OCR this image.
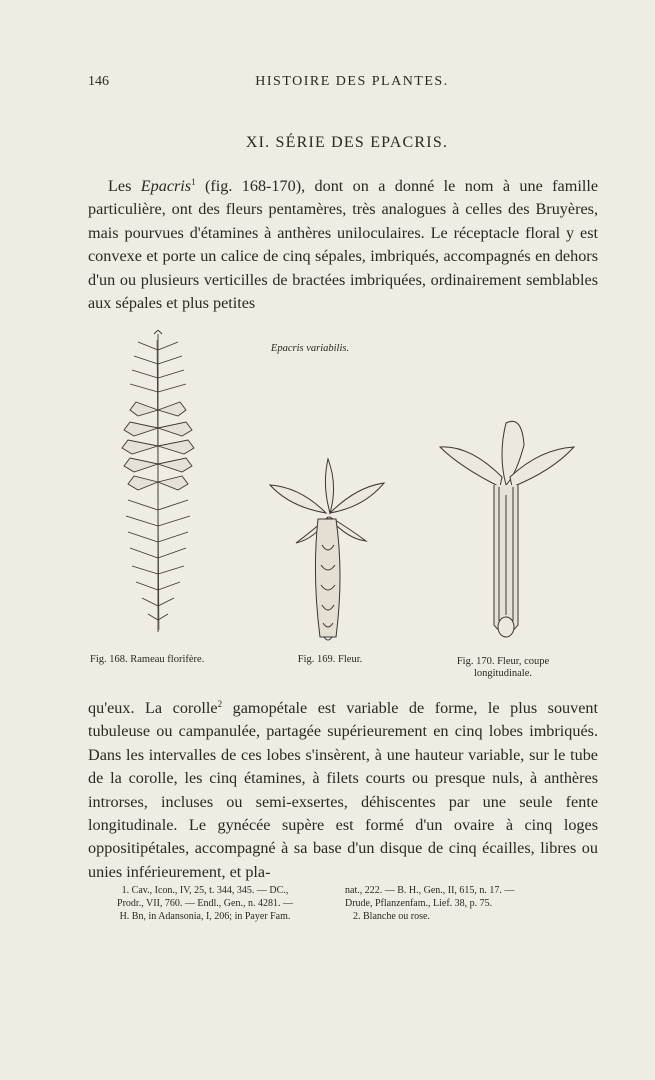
146	HISTOIRE DES PLANTES.
XI. SÉRIE DES EPACRIS.
Les Epacris$^1$ (fig. 168-170), dont on a donné le nom à une famille particulière, ont des fleurs pentamères, très analogues à celles des Bruyères, mais pourvues d'étamines à anthères uniloculaires. Le réceptacle floral y est convexe et porte un calice de cinq sépales, imbriqués, accompagnés en dehors d'un ou plusieurs verticilles de bractées imbriquées, ordinairement semblables aux sépales et plus petites
Epacris variabilis.
Fig. 168. Rameau florifère.	Fig. 169. Fleur.	Fig. 170. Fleur, coupe
longitudinale.
qu'eux. La corolle$^2$ gamopétale est variable de forme, le plus souvent tubuleuse ou campanulée, partagée supérieurement en cinq lobes imbriqués. Dans les intervalles de ces lobes s'insèrent, à une hauteur variable, sur le tube de la corolle, les cinq étamines, à filets courts ou presque nuls, à anthères introrses, incluses ou semi-exsertes, déhiscentes par une seule fente longitudinale. Le gynécée supère est formé d'un ovaire à cinq loges oppositipétales, accompagné à sa base d'un disque de cinq écailles, libres ou unies inférieurement, et pla-
1. Cav., Icon., IV, 25, t. 344, 345. — DC.,
Prodr., VII, 760. — Endl., Gen., n. 4281. —
H. Bn, in Adansonia, I, 206; in Payer Fam.
nat., 222. — B. H., Gen., II, 615, n. 17. —
Drude, Pflanzenfam., Lief. 38, p. 75.
2. Blanche ou rose.
